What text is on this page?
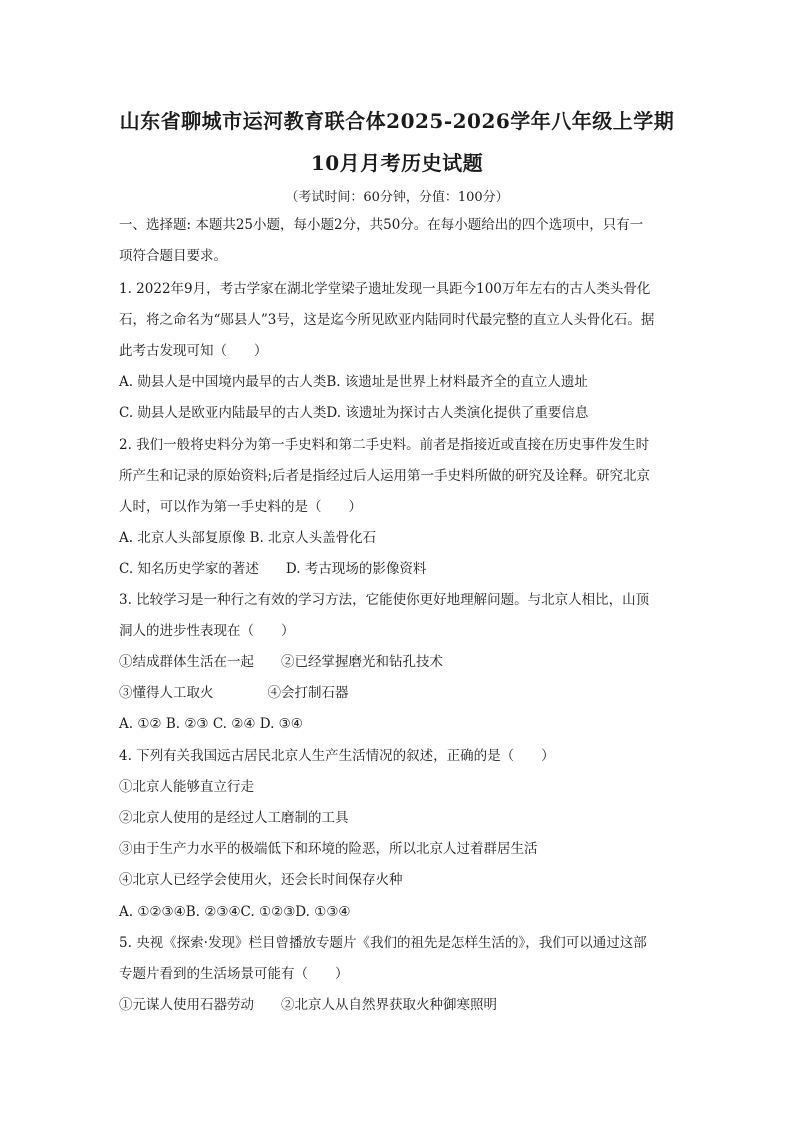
山东省聊城市运河教育联合体2025-2026学年八年级上学期
10月月考历史试题
（考试时间：60分钟，分值：100分）
一、选择题: 本题共25小题，每小题2分，共50分。在每小题给出的四个选项中，只有一
项符合题目要求。
1. 2022年9月，考古学家在湖北学堂梁子遗址发现一具距今100万年左右的古人类头骨化
石，将之命名为“郧县人”3号，这是迄今所见欧亚内陆同时代最完整的直立人头骨化石。据
此考古发现可知（　　）
A. 勋县人是中国境内最早的古人类B. 该遗址是世界上材料最齐全的直立人遗址
C. 勋县人是欧亚内陆最早的古人类D. 该遗址为探讨古人类演化提供了重要信息
2. 我们一般将史料分为第一手史料和第二手史料。前者是指接近或直接在历史事件发生时
所产生和记录的原始资料;后者是指经过后人运用第一手史料所做的研究及诠释。研究北京
人时，可以作为第一手史料的是（　　）
A. 北京人头部复原像 B. 北京人头盖骨化石
C. 知名历史学家的著述　　D. 考古现场的影像资料
3. 比较学习是一种行之有效的学习方法，它能使你更好地理解问题。与北京人相比，山顶
洞人的进步性表现在（　　）
①结成群体生活在一起　　②已经掌握磨光和钻孔技术
③懂得人工取火　　　　④会打制石器
A. ①② B. ②③ C. ②④ D. ③④
4. 下列有关我国远古居民北京人生产生活情况的叙述，正确的是（　　）
①北京人能够直立行走
②北京人使用的是经过人工磨制的工具
③由于生产力水平的极端低下和环境的险恶，所以北京人过着群居生活
④北京人已经学会使用火，还会长时间保存火种
A. ①②③④B. ②③④C. ①②③D. ①③④
5. 央视《探索·发现》栏目曾播放专题片《我们的祖先是怎样生活的》，我们可以通过这部
专题片看到的生活场景可能有（　　）
①元谋人使用石器劳动　　②北京人从自然界获取火种御寒照明
